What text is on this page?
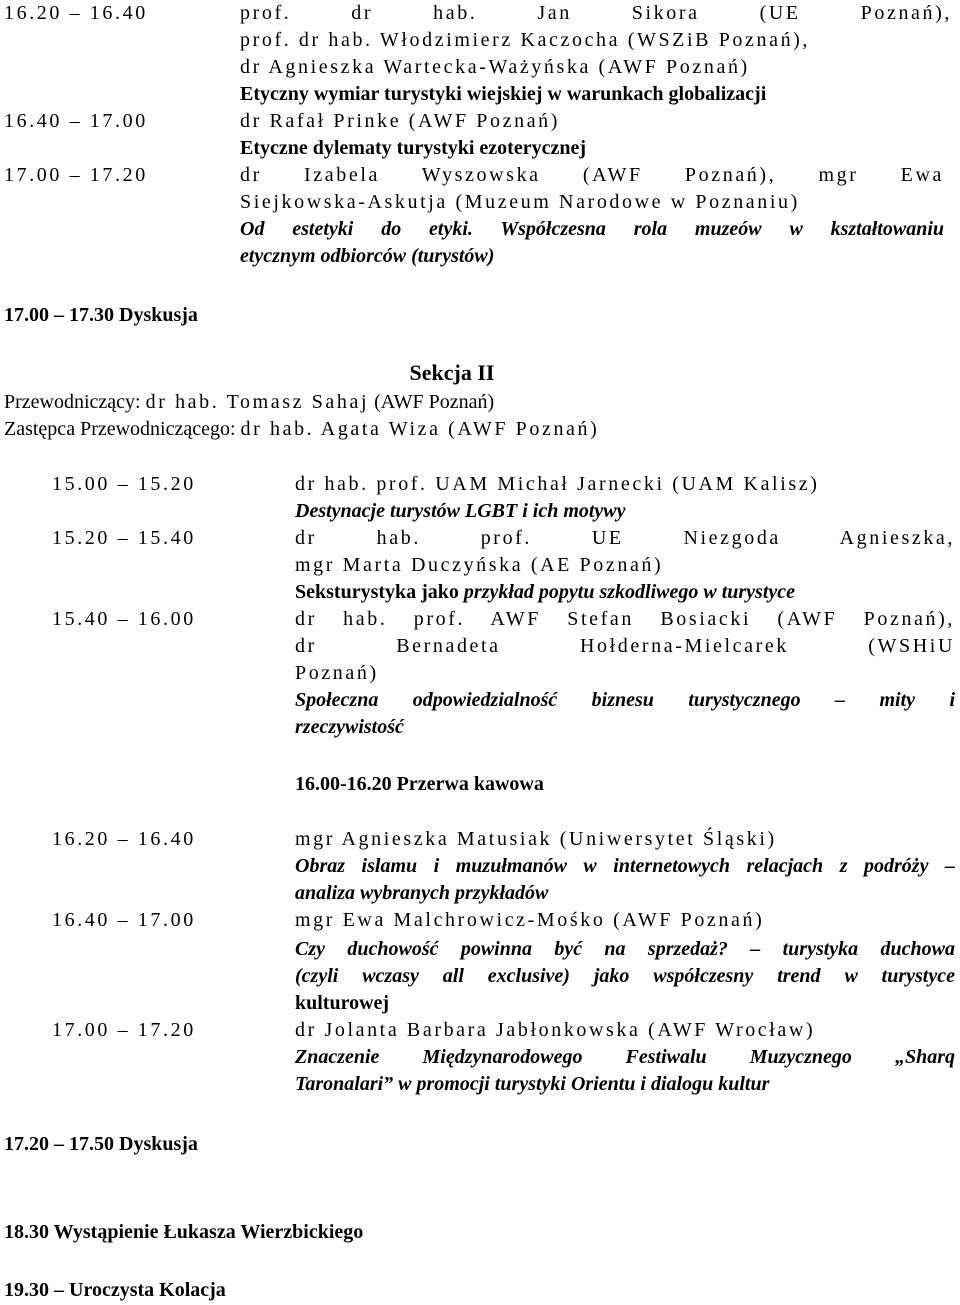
16.20 – 16.40	prof. dr hab. Jan Sikora (UE Poznań),
prof. dr hab. Włodzimierz Kaczocha (WSZiB Poznań),
dr Agnieszka Wartecka-Ważyńska (AWF Poznań)
Etyczny wymiar turystyki wiejskiej w warunkach globalizacji
16.40 – 17.00	dr Rafał Prinke (AWF Poznań)
Etyczne dylematy turystyki ezoterycznej
17.00 – 17.20	dr Izabela Wyszowska (AWF Poznań), mgr Ewa
Siejkowska-Askutja (Muzeum Narodowe w Poznaniu)
Od estetyki do etyki. Współczesna rola muzeów w kształtowaniu
etycznym odbiorców (turystów)
17.00 – 17.30 Dyskusja
Sekcja II
Przewodniczący: dr hab. Tomasz Sahaj (AWF Poznań)
Zastępca Przewodniczącego: dr hab. Agata Wiza (AWF Poznań)
15.00 – 15.20	dr hab. prof. UAM Michał Jarnecki (UAM Kalisz)
Destynacje turystów LGBT i ich motywy
15.20 – 15.40	dr hab. prof. UE Niezgoda Agnieszka,
mgr Marta Duczyńska (AE Poznań)
Seksturystyka jako przykład popytu szkodliwego w turystyce
15.40 – 16.00	dr hab. prof. AWF Stefan Bosiacki (AWF Poznań),
dr Bernadeta Hołderna-Mielcarek (WSHiU
Poznań)
Społeczna odpowiedzialność biznesu turystycznego – mity i
rzeczywistość
16.00-16.20 Przerwa kawowa
16.20 – 16.40	mgr Agnieszka Matusiak (Uniwersytet Śląski)
Obraz islamu i muzułmanów w internetowych relacjach z podróży –
analiza wybranych przykładów
16.40 – 17.00	mgr Ewa Malchrowicz-Mośko (AWF Poznań)
Czy duchowość powinna być na sprzedaż? – turystyka duchowa
(czyli wczasy all exclusive) jako współczesny trend w turystyce
kulturowej
17.00 – 17.20	dr Jolanta Barbara Jabłonkowska (AWF Wrocław)
Znaczenie Międzynarodowego Festiwalu Muzycznego „Sharq
Taronalari” w promocji turystyki Orientu i dialogu kultur
17.20 – 17.50 Dyskusja
18.30 Wystąpienie Łukasza Wierzbickiego
19.30 – Uroczysta Kolacja
